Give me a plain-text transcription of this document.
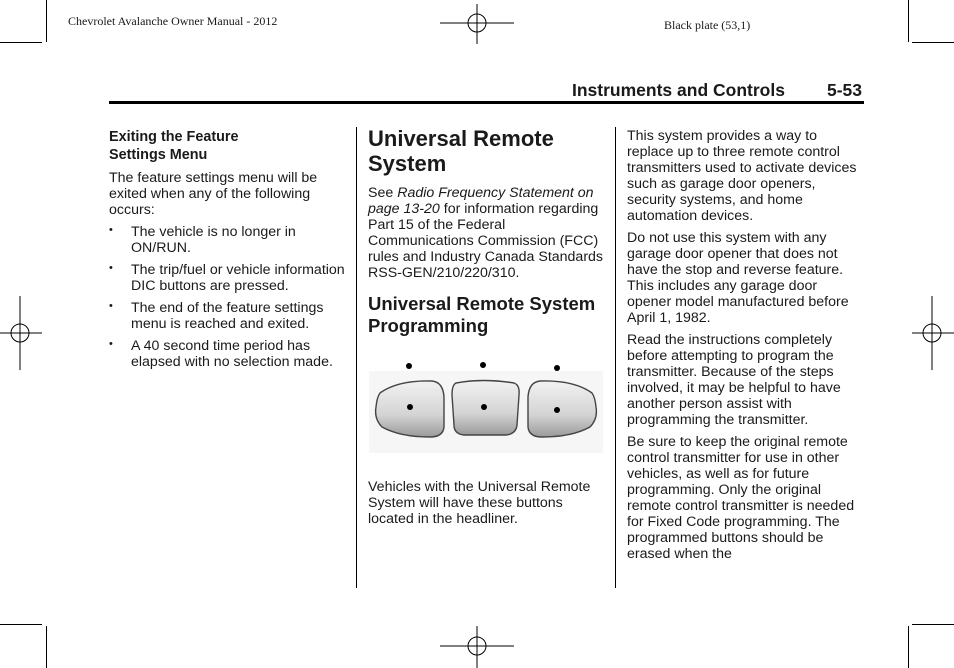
Chevrolet Avalanche Owner Manual - 2012	Black plate (53,1)
Instruments and Controls 5-53
Exiting the Feature Settings Menu

The feature settings menu will be exited when any of the following occurs:

• The vehicle is no longer in ON/RUN.
• The trip/fuel or vehicle information DIC buttons are pressed.
• The end of the feature settings menu is reached and exited.
• A 40 second time period has elapsed with no selection made.
Universal Remote System

See Radio Frequency Statement on page 13-20 for information regarding Part 15 of the Federal Communications Commission (FCC) rules and Industry Canada Standards RSS-GEN/210/220/310.

Universal Remote System Programming

Vehicles with the Universal Remote System will have these buttons located in the headliner.

This system provides a way to replace up to three remote control transmitters used to activate devices such as garage door openers, security systems, and home automation devices.

Do not use this system with any garage door opener that does not have the stop and reverse feature. This includes any garage door opener model manufactured before April 1, 1982.

Read the instructions completely before attempting to program the transmitter. Because of the steps involved, it may be helpful to have another person assist with programming the transmitter.

Be sure to keep the original remote control transmitter for use in other vehicles, as well as for future programming. Only the original remote control transmitter is needed for Fixed Code programming. The programmed buttons should be erased when the
